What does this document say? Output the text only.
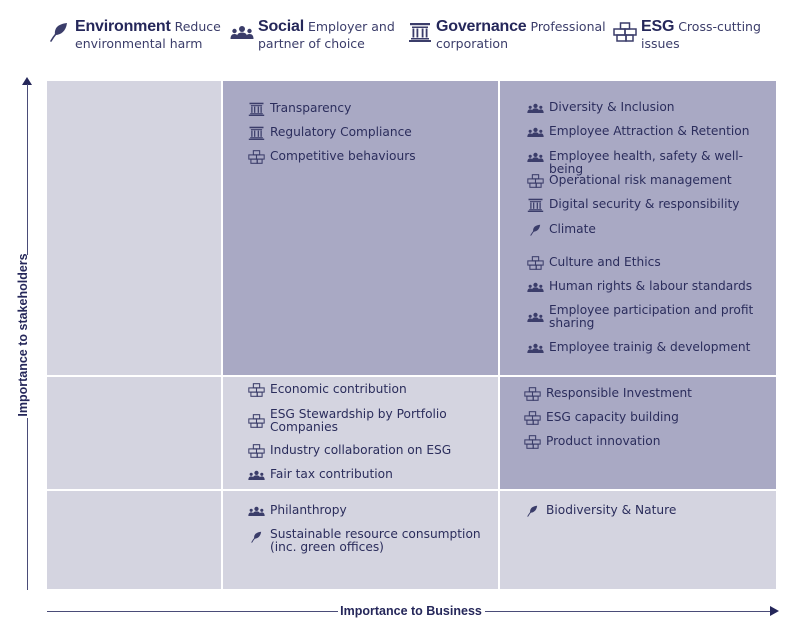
Environment Reduce
environmental harm
Social Employer and
partner of choice
Governance Professional
corporation
ESG Cross-cutting
issues
Transparency
Regulatory Compliance
Competitive behaviours
Diversity & Inclusion
Employee Attraction & Retention
Employee health, safety & well-being
Operational risk management
Digital security & responsibility
Climate
Culture and Ethics
Human rights & labour standards
Employee participation and profit
sharing
Employee trainig & development
Economic contribution
ESG Stewardship by Portfolio
Companies
Industry collaboration on ESG
Fair tax contribution
Responsible Investment
ESG capacity building
Product innovation
Philanthropy
Sustainable resource consumption
(inc. green offices)
Biodiversity & Nature
Importance to stakeholders
Importance to Business
